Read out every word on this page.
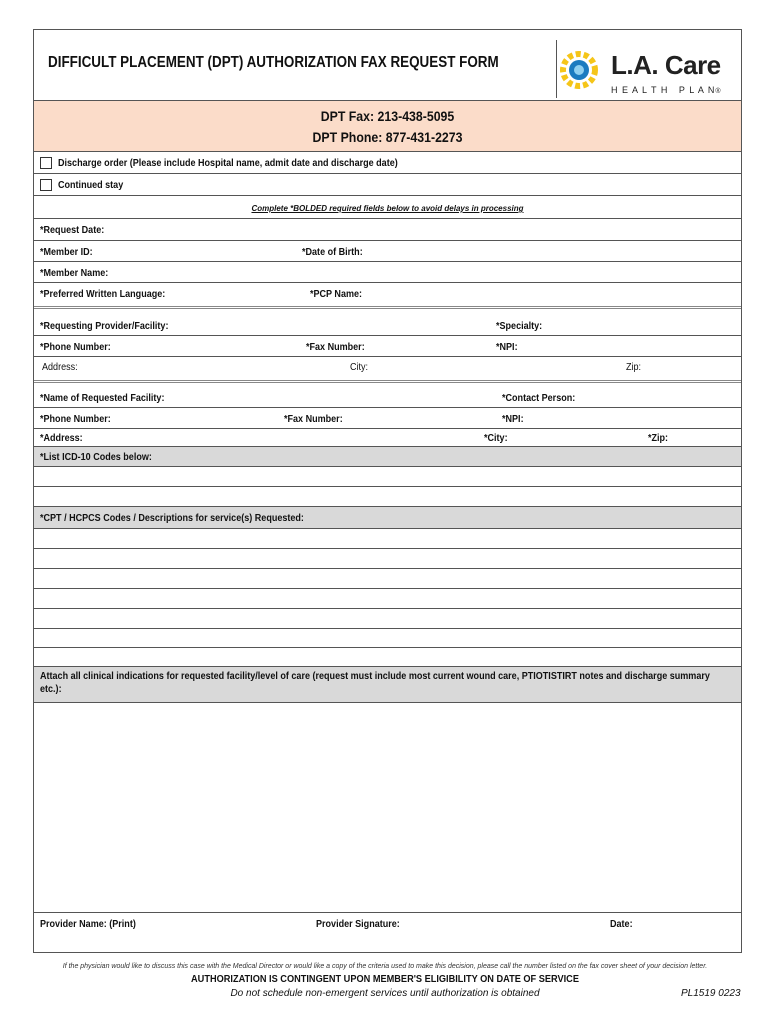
DIFFICULT PLACEMENT (DPT) AUTHORIZATION FAX REQUEST FORM	L.A. Care
H E A L T H   P L A N®
DPT Fax: 213-438-5095
DPT Phone: 877-431-2273
Discharge order (Please include Hospital name, admit date and discharge date)
Continued stay
Complete *BOLDED required fields below to avoid delays in processing
*Request Date:
*Member ID:	*Date of Birth:
*Member Name:
*Preferred Written Language:	*PCP Name:
*Requesting Provider/Facility:	*Specialty:
*Phone Number:	*Fax Number:	*NPI:
Address:	City:	Zip:
*Name of Requested Facility:	*Contact Person:
*Phone Number:	*Fax Number:	*NPI:
*Address:	*City:	*Zip:
*List ICD-10 Codes below:
*CPT / HCPCS Codes / Descriptions for service(s) Requested:
Attach all clinical indications for requested facility/level of care (request must include most current wound care, PTIOTISTIRT notes and discharge summary etc.):
Provider Name: (Print)	Provider Signature:	Date:
If the physician would like to discuss this case with the Medical Director or would like a copy of the criteria used to make this decision, please call the number listed on the fax cover sheet of your decision letter.
AUTHORIZATION IS CONTINGENT UPON MEMBER'S ELIGIBILITY ON DATE OF SERVICE
Do not schedule non-emergent services until authorization is obtained	PL1519 0223
